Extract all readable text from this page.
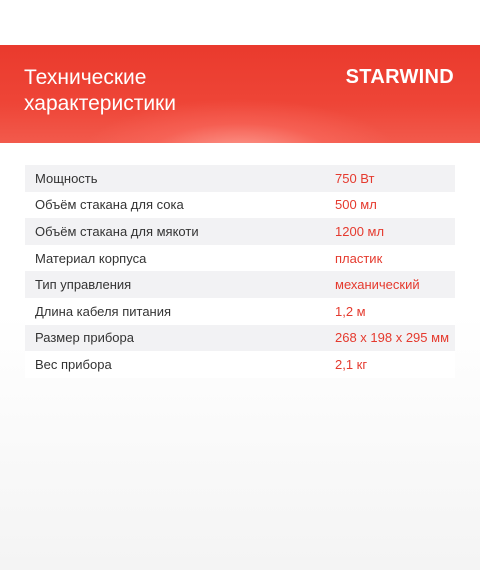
Технические
характеристики
STARWIND
Мощность	750 Вт
Объём стакана для сока	500 мл
Объём стакана для мякоти	1200 мл
Материал корпуса	пластик
Тип управления	механический
Длина кабеля питания	1,2 м
Размер прибора	268 х 198 х 295 мм
Вес прибора	2,1 кг
